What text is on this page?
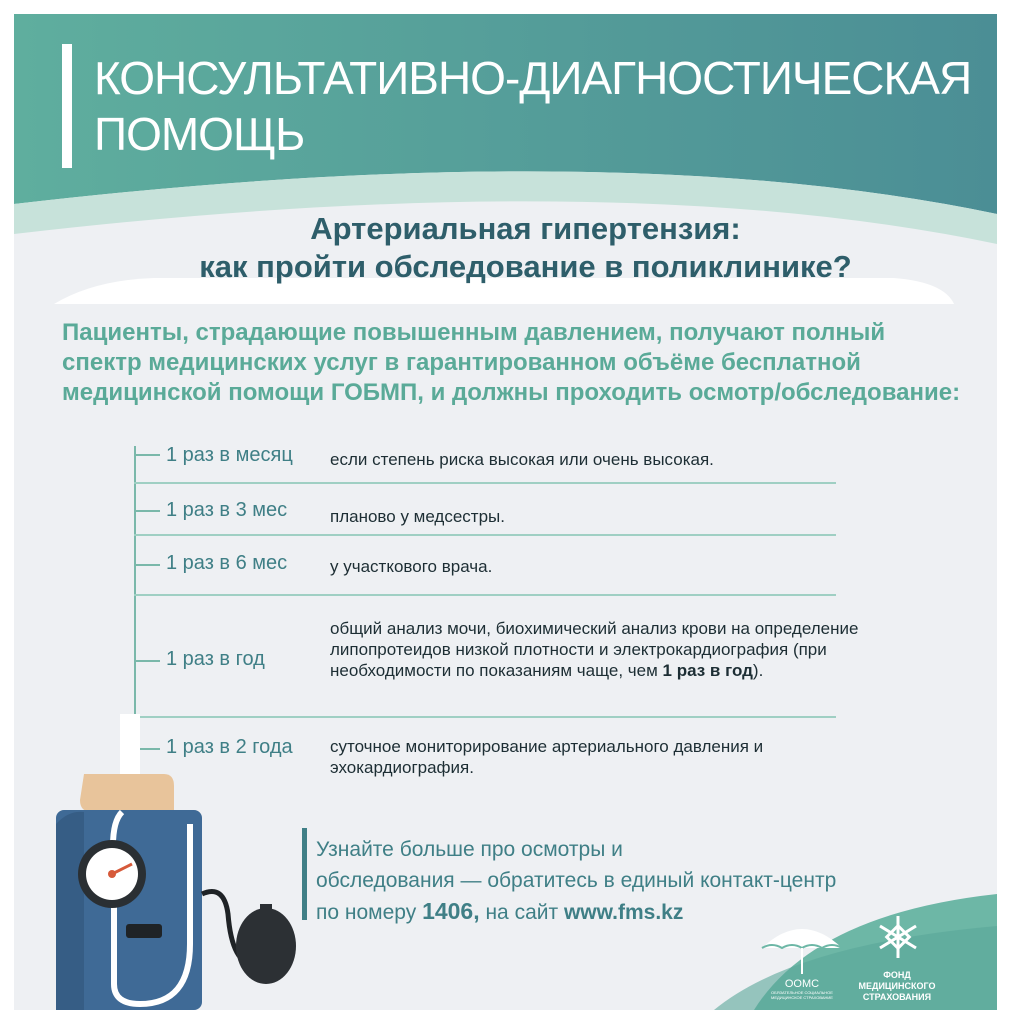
КОНСУЛЬТАТИВНО-ДИАГНОСТИЧЕСКАЯ
ПОМОЩЬ
Артериальная гипертензия:
как пройти обследование в поликлинике?
Пациенты, страдающие повышенным давлением, получают полный спектр медицинских услуг в гарантированном объёме бесплатной медицинской помощи ГОБМП, и должны проходить осмотр/обследование:
1 раз в месяц если степень риска высокая или очень высокая.
1 раз в 3 мес	планово у медсестры.
1 раз в 6 мес	у участкового врача.
1 раз в год
общий анализ мочи, биохимический анализ крови на определение липопротеидов низкой плотности и электрокардиография (при необходимости по показаниям чаще, чем 1 раз в год).
1 раз в 2 года суточное мониторирование артериального давления и эхокардиография.
Узнайте больше про осмотры и
обследования — обратитесь в единый контакт-центр
по номеру 1406, на сайт www.fms.kz
ООМС
ОБЯЗАТЕЛЬНОЕ СОЦИАЛЬНОЕ МЕДИЦИНСКОЕ СТРАХОВАНИЕ
ФОНД МЕДИЦИНСКОГО СТРАХОВАНИЯ
